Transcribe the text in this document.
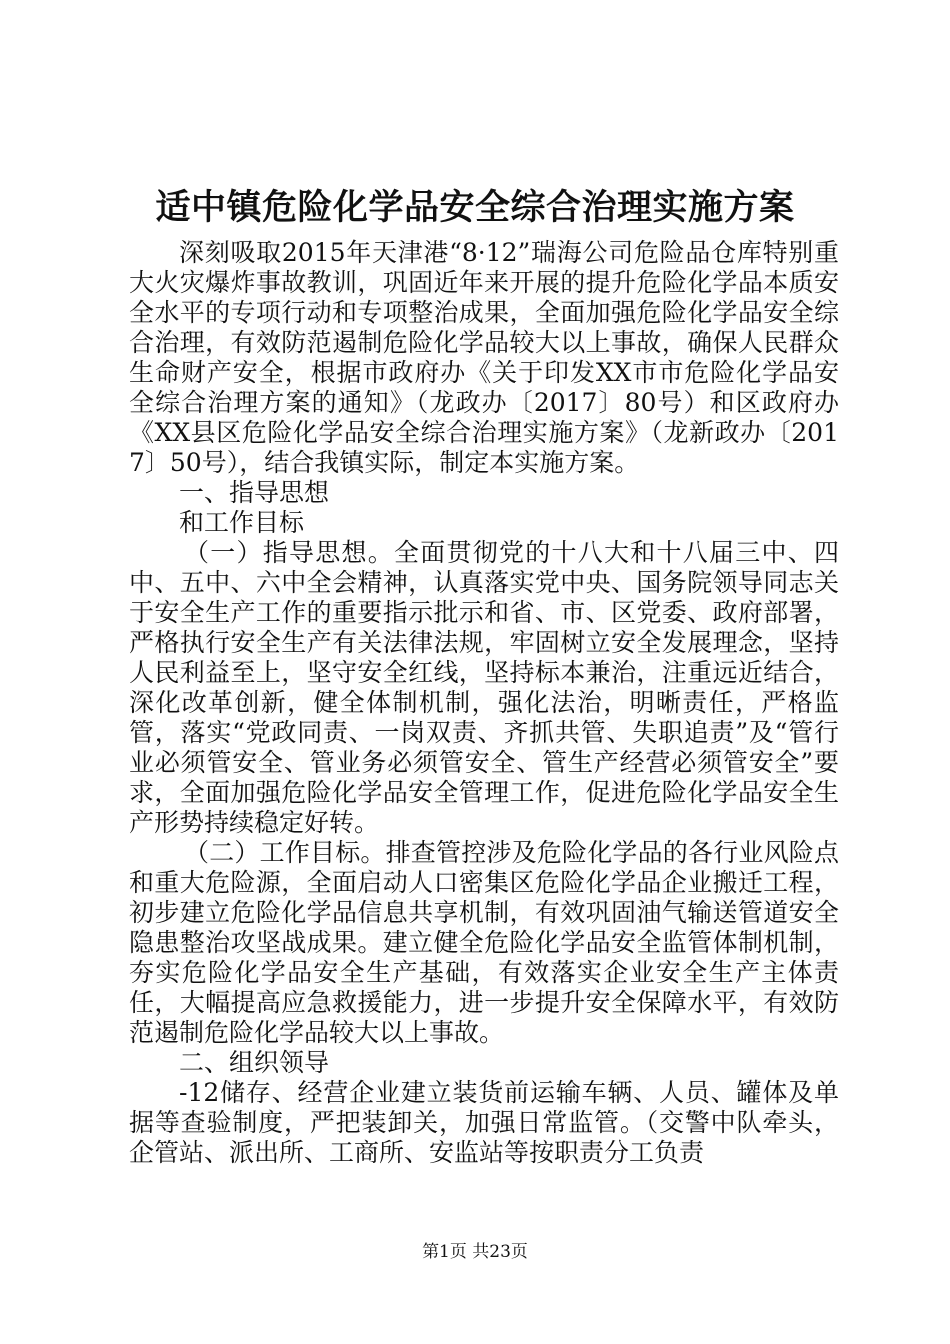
适中镇危险化学品安全综合治理实施方案

深刻吸取2015年天津港“8·12”瑞海公司危险品仓库特别重大火灾爆炸事故教训，巩固近年来开展的提升危险化学品本质安全水平的专项行动和专项整治成果，全面加强危险化学品安全综合治理，有效防范遏制危险化学品较大以上事故，确保人民群众生命财产安全，根据市政府办《关于印发XX市市危险化学品安全综合治理方案的通知》（龙政办〔2017〕80号）和区政府办《XX县区危险化学品安全综合治理实施方案》（龙新政办〔2017〕50号），结合我镇实际，制定本实施方案。

一、指导思想

和工作目标

（一）指导思想。全面贯彻党的十八大和十八届三中、四中、五中、六中全会精神，认真落实党中央、国务院领导同志关于安全生产工作的重要指示批示和省、市、区党委、政府部署，严格执行安全生产有关法律法规，牢固树立安全发展理念，坚持人民利益至上，坚守安全红线，坚持标本兼治，注重远近结合，深化改革创新，健全体制机制，强化法治，明晰责任，严格监管，落实“党政同责、一岗双责、齐抓共管、失职追责”及“管行业必须管安全、管业务必须管安全、管生产经营必须管安全”要求，全面加强危险化学品安全管理工作，促进危险化学品安全生产形势持续稳定好转。

（二）工作目标。排查管控涉及危险化学品的各行业风险点和重大危险源，全面启动人口密集区危险化学品企业搬迁工程，初步建立危险化学品信息共享机制，有效巩固油气输送管道安全隐患整治攻坚战成果。建立健全危险化学品安全监管体制机制，夯实危险化学品安全生产基础，有效落实企业安全生产主体责任，大幅提高应急救援能力，进一步提升安全保障水平，有效防范遏制危险化学品较大以上事故。

二、组织领导

-12储存、经营企业建立装货前运输车辆、人员、罐体及单据等查验制度，严把装卸关，加强日常监管。（交警中队牵头，企管站、派出所、工商所、安监站等按职责分工负责

第1页 共23页
